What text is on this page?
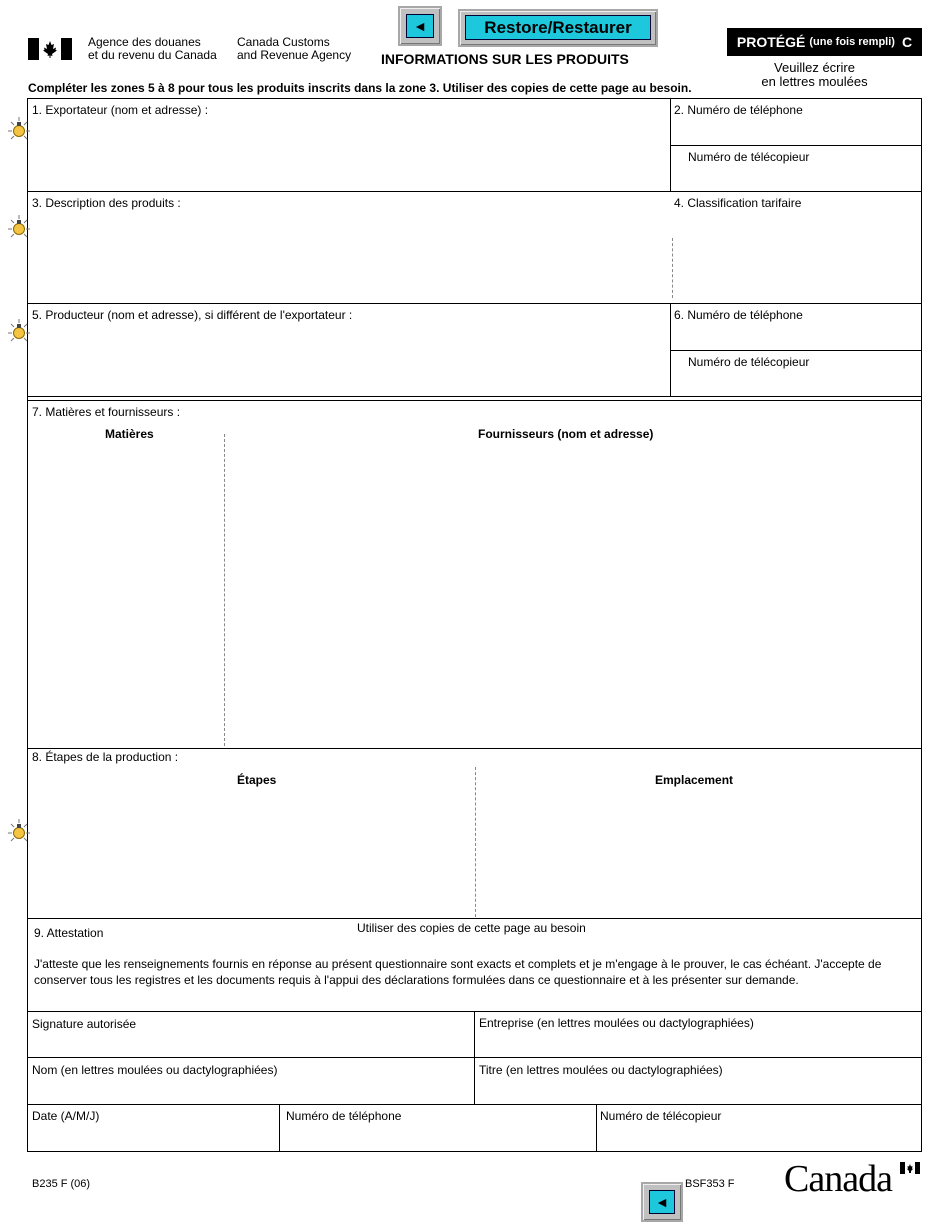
Agence des douanes
et du revenu du Canada
Canada Customs
and Revenue Agency
◄	Restore/Restaurer
INFORMATIONS SUR LES PRODUITS
PROTÉGÉ (une fois rempli) C
Veuillez écrire
en lettres moulées
Compléter les zones 5 à 8 pour tous les produits inscrits dans la zone 3. Utiliser des copies de cette page au besoin.
1. Exportateur (nom et adresse) :	2. Numéro de téléphone
Numéro de télécopieur
3. Description des produits :	4. Classification tarifaire
5. Producteur (nom et adresse), si différent de l'exportateur :	6. Numéro de téléphone
Numéro de télécopieur
7. Matières et fournisseurs :
Matières	Fournisseurs (nom et adresse)
8. Étapes de la production :
Étapes	Emplacement
Utiliser des copies de cette page au besoin
9. Attestation
J'atteste que les renseignements fournis en réponse au présent questionnaire sont exacts et complets et je m'engage à le prouver, le cas échéant. J'accepte de conserver tous les registres et les documents requis à l'appui des déclarations formulées dans ce questionnaire et à les présenter sur demande.
Signature autorisée	Entreprise (en lettres moulées ou dactylographiées)
Nom (en lettres moulées ou dactylographiées)	Titre (en lettres moulées ou dactylographiées)
Date (A/M/J)	Numéro de téléphone	Numéro de télécopieur
B235 F (06)
◄
BSF353 F Canada
